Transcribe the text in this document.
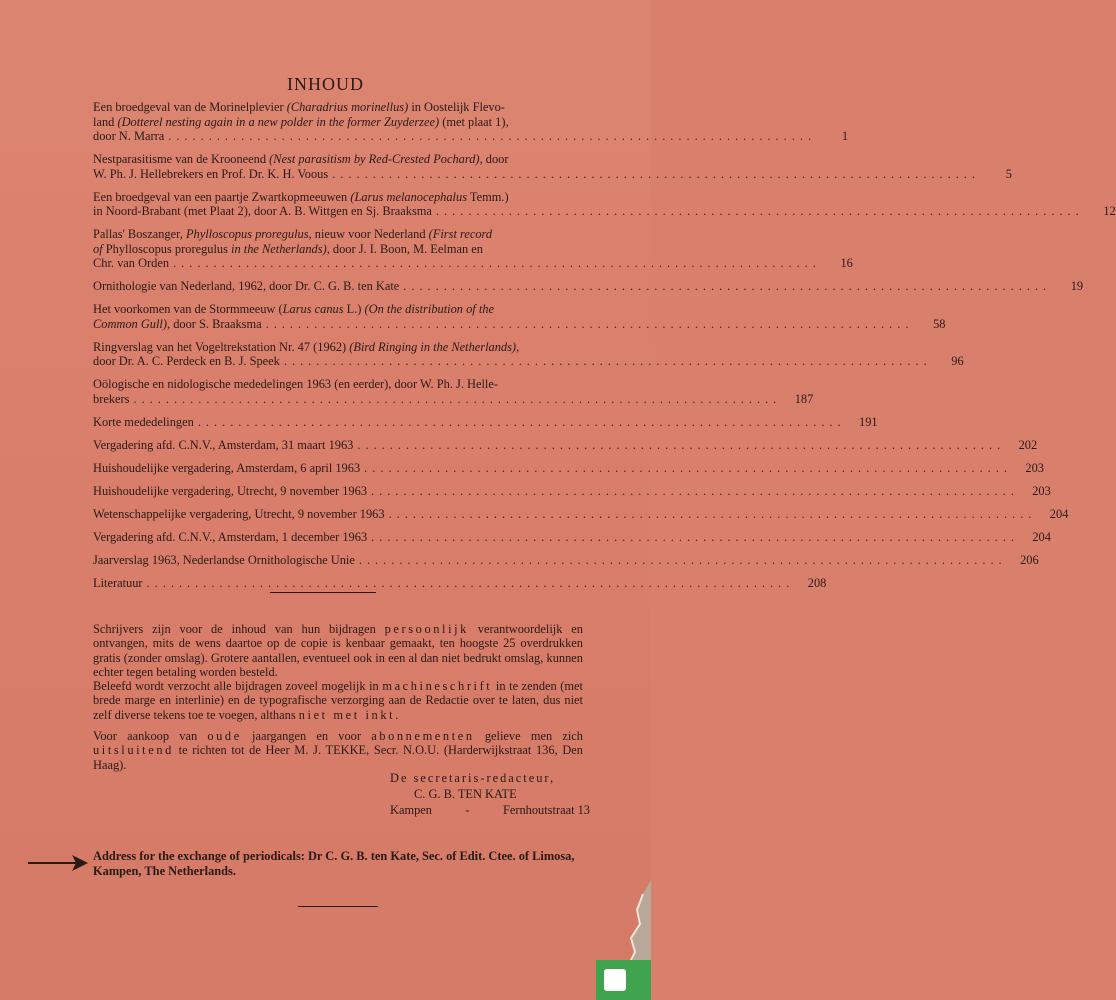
INHOUD
Een broedgeval van de Morinelplevier (Charadrius morinellus) in Oostelijk Flevo-
land (Dotterel nesting again in a new polder in the former Zuyderzee) (met plaat 1),
door N. Marra ................................................................................	1
Nestparasitisme van de Krooneend (Nest parasitism by Red-Crested Pochard), door
W. Ph. J. Hellebrekers en Prof. Dr. K. H. Voous ................................................................................	5
Een broedgeval van een paartje Zwartkopmeeuwen (Larus melanocephalus Temm.)
in Noord-Brabant (met Plaat 2), door A. B. Wittgen en Sj. Braaksma ................................................................................	12
Pallas' Boszanger, Phylloscopus proregulus, nieuw voor Nederland (First record
of Phylloscopus proregulus in the Netherlands), door J. I. Boon, M. Eelman en
Chr. van Orden ................................................................................	16
Ornithologie van Nederland, 1962, door Dr. C. G. B. ten Kate ................................................................................	19
Het voorkomen van de Stormmeeuw (Larus canus L.) (On the distribution of the
Common Gull), door S. Braaksma ................................................................................	58
Ringverslag van het Vogeltrekstation Nr. 47 (1962) (Bird Ringing in the Netherlands),
door Dr. A. C. Perdeck en B. J. Speek ................................................................................	96
Oölogische en nidologische mededelingen 1963 (en eerder), door W. Ph. J. Helle-
brekers ................................................................................	187
Korte mededelingen ................................................................................	191
Vergadering afd. C.N.V., Amsterdam, 31 maart 1963 ................................................................................	202
Huishoudelijke vergadering, Amsterdam, 6 april 1963 ................................................................................	203
Huishoudelijke vergadering, Utrecht, 9 november 1963 ................................................................................	203
Wetenschappelijke vergadering, Utrecht, 9 november 1963 ................................................................................	204
Vergadering afd. C.N.V., Amsterdam, 1 december 1963 ................................................................................	204
Jaarverslag 1963, Nederlandse Ornithologische Unie ................................................................................	206
Literatuur ................................................................................	208

Schrijvers zijn voor de inhoud van hun bijdragen persoonlijk verantwoordelijk en ontvangen, mits de wens daartoe op de copie is kenbaar gemaakt, ten hoogste 25 overdrukken gratis (zonder omslag). Grotere aantallen, eventueel ook in een al dan niet bedrukt omslag, kunnen echter tegen betaling worden besteld.

Beleefd wordt verzocht alle bijdragen zoveel mogelijk in machineschrift in te zenden (met brede marge en interlinie) en de typografische verzorging aan de Redactie over te laten, dus niet zelf diverse tekens toe te voegen, althans niet met inkt.

Voor aankoop van oude jaargangen en voor abonnementen gelieve men zich uitsluitend te richten tot de Heer M. J. TEKKE, Secr. N.O.U. (Harderwijkstraat 136, Den Haag).

De secretaris-redacteur,
C. G. B. TEN KATE
Kampen	-	Fernhoutstraat 13
Address for the exchange of periodicals: Dr C. G. B. ten Kate, Sec. of Edit. Ctee. of Limosa, Kampen, The Netherlands.
